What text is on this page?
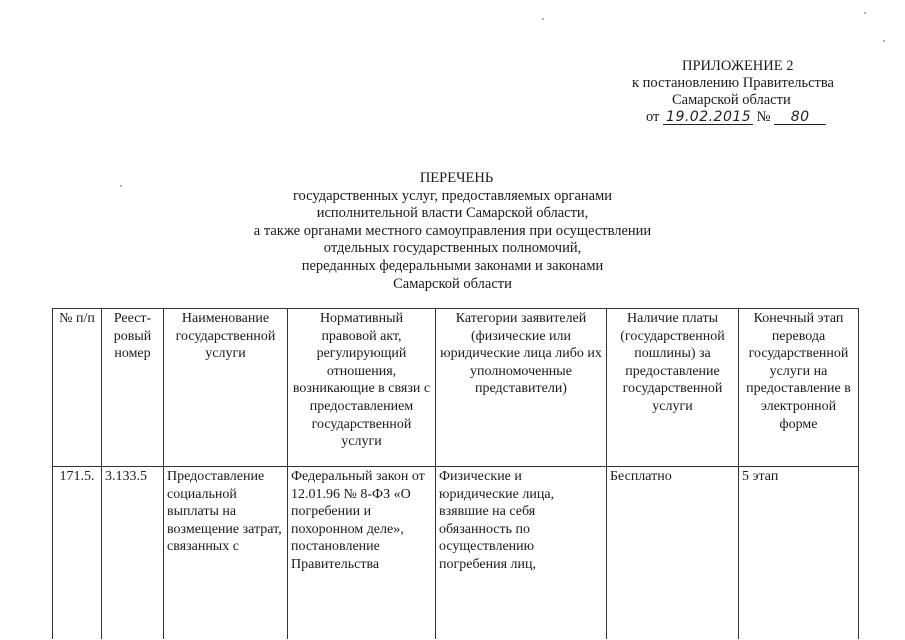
ПРИЛОЖЕНИЕ 2
к постановлению Правительства
Самарской области
от 19.02.2015 № 80
ПЕРЕЧЕНЬ
государственных услуг, предоставляемых органами
исполнительной власти Самарской области,
а также органами местного самоуправления при осуществлении
отдельных государственных полномочий,
переданных федеральными законами и законами
Самарской области
№ п/п	Реест-ровый номер	Наименование государственной услуги	Нормативный правовой акт, регулирующий отношения, возникающие в связи с предоставлением государственной услуги	Категории заявителей (физические или юридические лица либо их уполномоченные представители)	Наличие платы (государственной пошлины) за предоставление государственной услуги	Конечный этап перевода государственной услуги на предоставление в электронной форме
171.5.	3.133.5	Предоставление социальной выплаты на возмещение затрат, связанных с	Федеральный закон от 12.01.96 № 8-ФЗ «О погребении и похоронном деле», постановление Правительства	Физические и юридические лица, взявшие на себя обязанность по осуществлению погребения лиц,	Бесплатно	5 этап
